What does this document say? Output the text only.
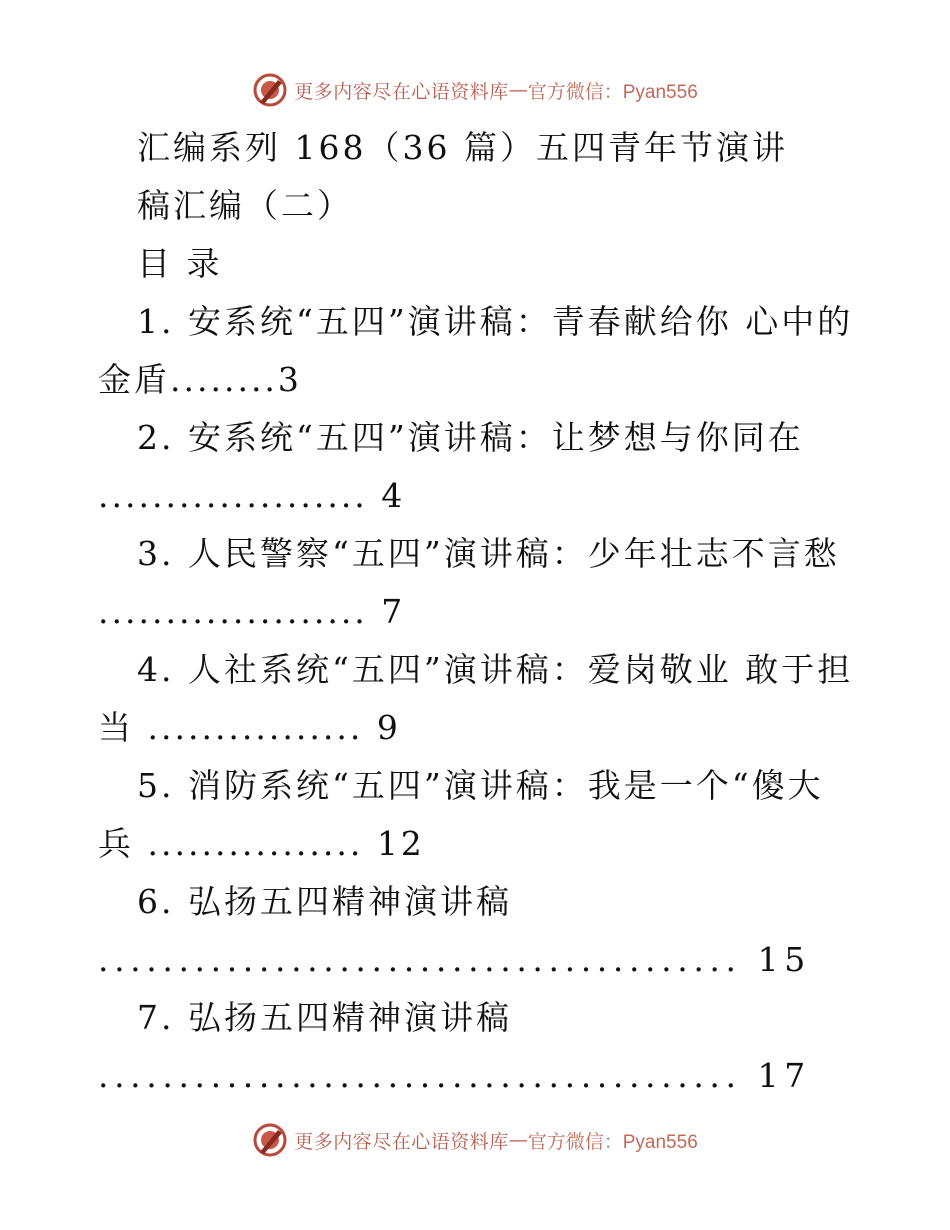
更多内容尽在心语资料库 — 官方微信：Pyan556
汇编系列 168（36 篇）五四青年节演讲
稿汇编（二）
目 录
1. 安系统“五四”演讲稿：青春献给你 心中的
金盾........3
2. 安系统“五四”演讲稿：让梦想与你同在
.................... 4
3. 人民警察“五四”演讲稿：少年壮志不言愁
.................... 7
4. 人社系统“五四”演讲稿：爱岗敬业 敢于担
当 ................ 9
5. 消防系统“五四”演讲稿：我是一个“傻大
兵 ................ 12
6. 弘扬五四精神演讲稿
........................................ 15
7. 弘扬五四精神演讲稿
........................................ 17
更多内容尽在心语资料库 — 官方微信：Pyan556
